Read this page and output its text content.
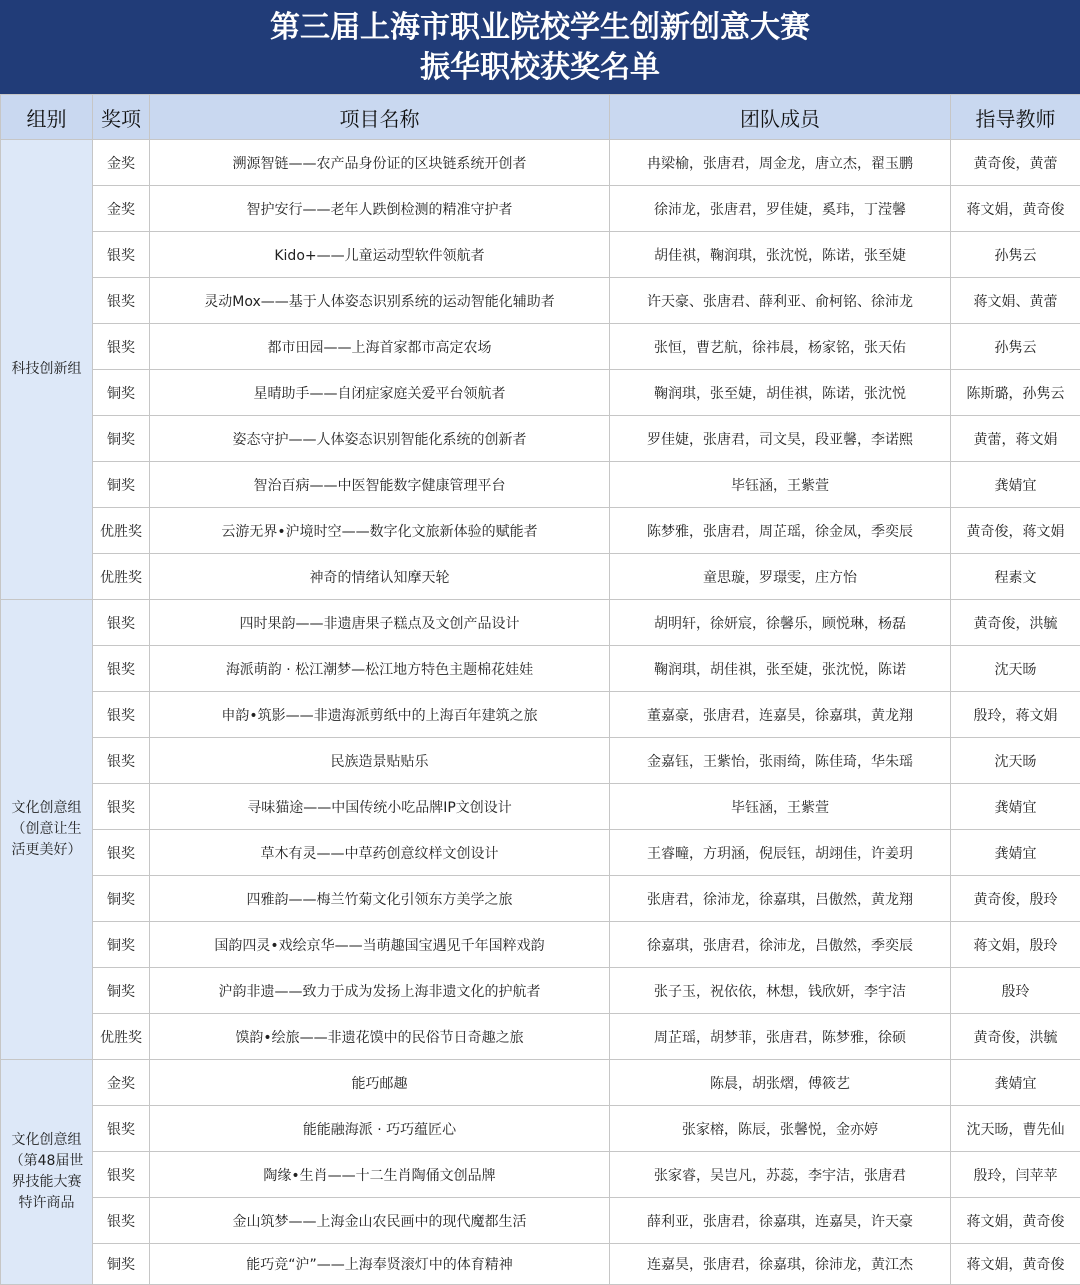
第三届上海市职业院校学生创新创意大赛
振华职校获奖名单
组别	奖项	项目名称	团队成员	指导教师

科技创新组	金奖	溯源智链——农产品身份证的区块链系统开创者	冉梁榆，张唐君，周金龙，唐立杰，翟玉鹏	黄奇俊，黄蕾
	金奖	智护安行——老年人跌倒检测的精准守护者	徐沛龙，张唐君，罗佳婕，奚玮，丁滢馨	蒋文娟，黄奇俊
	银奖	Kido+——儿童运动型软件领航者	胡佳祺，鞠润琪，张沈悦，陈诺，张至婕	孙隽云
	银奖	灵动Mox——基于人体姿态识别系统的运动智能化辅助者	许天豪、张唐君、薛利亚、俞柯铭、徐沛龙	蒋文娟、黄蕾
	银奖	都市田园——上海首家都市高定农场	张恒，曹艺航，徐祎晨，杨家铭，张天佑	孙隽云
	铜奖	星晴助手——自闭症家庭关爱平台领航者	鞠润琪，张至婕，胡佳祺，陈诺，张沈悦	陈斯璐，孙隽云
	铜奖	姿态守护——人体姿态识别智能化系统的创新者	罗佳婕，张唐君，司文昊，段亚馨，李诺熙	黄蕾，蒋文娟
	铜奖	智治百病——中医智能数字健康管理平台	毕钰涵，王紫萱	龚婧宜
	优胜奖	云游无界•沪境时空——数字化文旅新体验的赋能者	陈梦雅，张唐君，周芷瑶，徐金凤，季奕辰	黄奇俊，蒋文娟
	优胜奖	神奇的情绪认知摩天轮	童思璇，罗璟雯，庄方怡	程素文

文化创意组（创意让生活更美好）	银奖	四时果韵——非遗唐果子糕点及文创产品设计	胡明轩，徐妍宸，徐馨乐，顾悦琳，杨磊	黄奇俊，洪毓
	银奖	海派萌韵 · 松江潮梦—松江地方特色主题棉花娃娃	鞠润琪，胡佳祺，张至婕，张沈悦，陈诺	沈天旸
	银奖	申韵•筑影——非遗海派剪纸中的上海百年建筑之旅	董嘉豪，张唐君，连嘉昊，徐嘉琪，黄龙翔	殷玲，蒋文娟
	银奖	民族造景贴贴乐	金嘉钰，王紫怡，张雨绮，陈佳琦，华朱瑶	沈天旸
	银奖	寻味猫途——中国传统小吃品牌IP文创设计	毕钰涵，王紫萱	龚婧宜
	银奖	草木有灵——中草药创意纹样文创设计	王睿疃，方玥涵，倪辰钰，胡翊佳，许姜玥	龚婧宜
	铜奖	四雅韵——梅兰竹菊文化引领东方美学之旅	张唐君，徐沛龙，徐嘉琪，吕傲然，黄龙翔	黄奇俊，殷玲
	铜奖	国韵四灵•戏绘京华——当萌趣国宝遇见千年国粹戏韵	徐嘉琪，张唐君，徐沛龙，吕傲然，季奕辰	蒋文娟，殷玲
	铜奖	沪韵非遗——致力于成为发扬上海非遗文化的护航者	张子玉，祝依依，林想，钱欣妍，李宇洁	殷玲
	优胜奖	馍韵•绘旅——非遗花馍中的民俗节日奇趣之旅	周芷瑶，胡梦菲，张唐君，陈梦雅，徐硕	黄奇俊，洪毓

文化创意组（第48届世界技能大赛特许商品	金奖	能巧邮趣	陈晨，胡张熠，傅筱艺	龚婧宜
	银奖	能能融海派 · 巧巧蕴匠心	张家榕，陈辰，张馨悦，金亦婷	沈天旸，曹先仙
	银奖	陶缘•生肖——十二生肖陶俑文创品牌	张家睿，吴岂凡，苏蕊，李宇洁，张唐君	殷玲，闫苹苹
	银奖	金山筑梦——上海金山农民画中的现代魔都生活	薛利亚，张唐君，徐嘉琪，连嘉昊，许天豪	蒋文娟，黄奇俊
	铜奖	能巧竞“沪”——上海奉贤滚灯中的体育精神	连嘉昊，张唐君，徐嘉琪，徐沛龙，黄江杰	蒋文娟，黄奇俊
